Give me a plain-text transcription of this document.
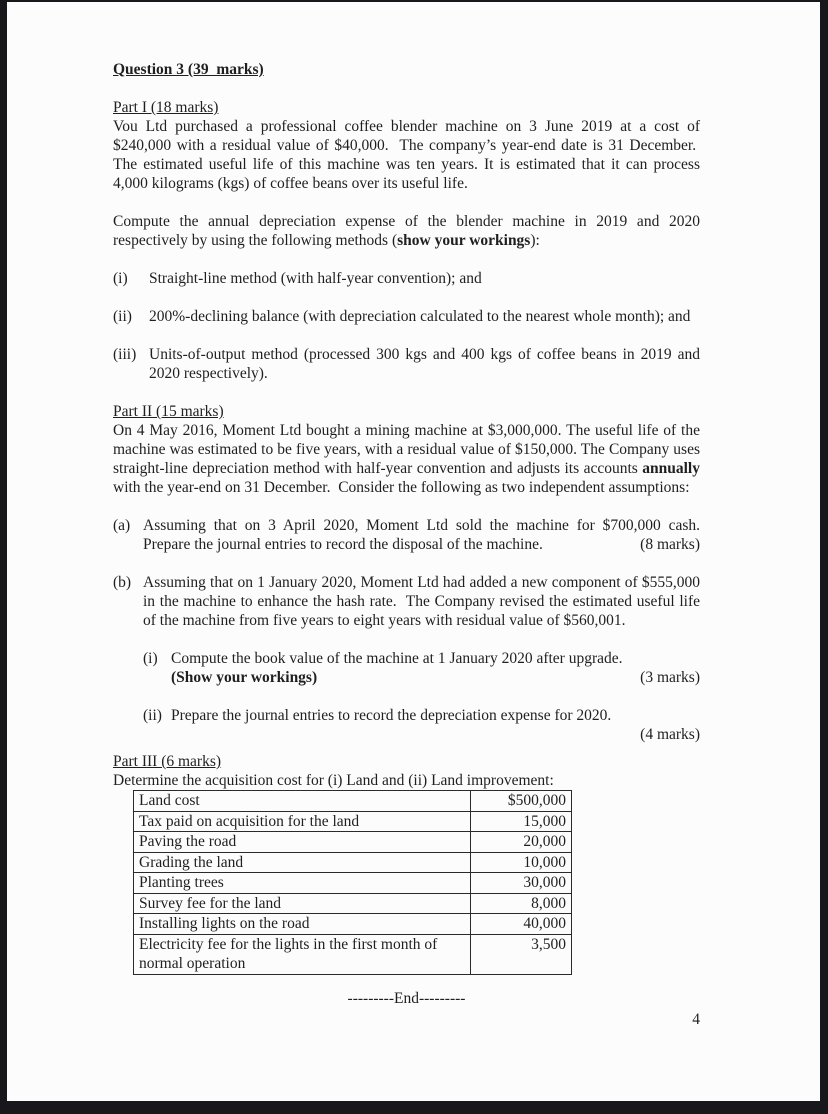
Question 3 (39  marks)
Part I (18 marks)

Vou Ltd purchased a professional coffee blender machine on 3 June 2019 at a cost of $240,000 with a residual value of $40,000.  The company’s year-end date is 31 December.  The estimated useful life of this machine was ten years. It is estimated that it can process 4,000 kilograms (kgs) of coffee beans over its useful life.

Compute the annual depreciation expense of the blender machine in 2019 and 2020 respectively by using the following methods (show your workings):

(i)	Straight-line method (with half-year convention); and
(ii)	200%-declining balance (with depreciation calculated to the nearest whole month); and
(iii) Units-of-output method (processed 300 kgs and 400 kgs of coffee beans in 2019 and 2020 respectively).
Part II (15 marks)

On 4 May 2016, Moment Ltd bought a mining machine at $3,000,000. The useful life of the machine was estimated to be five years, with a residual value of $150,000. The Company uses straight-line depreciation method with half-year convention and adjusts its accounts annually with the year-end on 31 December.  Consider the following as two independent assumptions:

(a) Assuming that on 3 April 2020, Moment Ltd sold the machine for $700,000 cash.
Prepare the journal entries to record the disposal of the machine.	(8 marks)
(b) Assuming that on 1 January 2020, Moment Ltd had added a new component of $555,000 in the machine to enhance the hash rate.  The Company revised the estimated useful life of the machine from five years to eight years with residual value of $560,001.
(i) Compute the book value of the machine at 1 January 2020 after upgrade.
(Show your workings)	(3 marks)
(ii) Prepare the journal entries to record the depreciation expense for 2020.
(4 marks)
Part III (6 marks)

Determine the acquisition cost for (i) Land and (ii) Land improvement:

Land cost	$500,000
Tax paid on acquisition for the land	15,000
Paving the road	20,000
Grading the land	10,000
Planting trees	30,000
Survey fee for the land	8,000
Installing lights on the road	40,000
Electricity fee for the lights in the first month of normal operation	3,500
---------End---------
4
